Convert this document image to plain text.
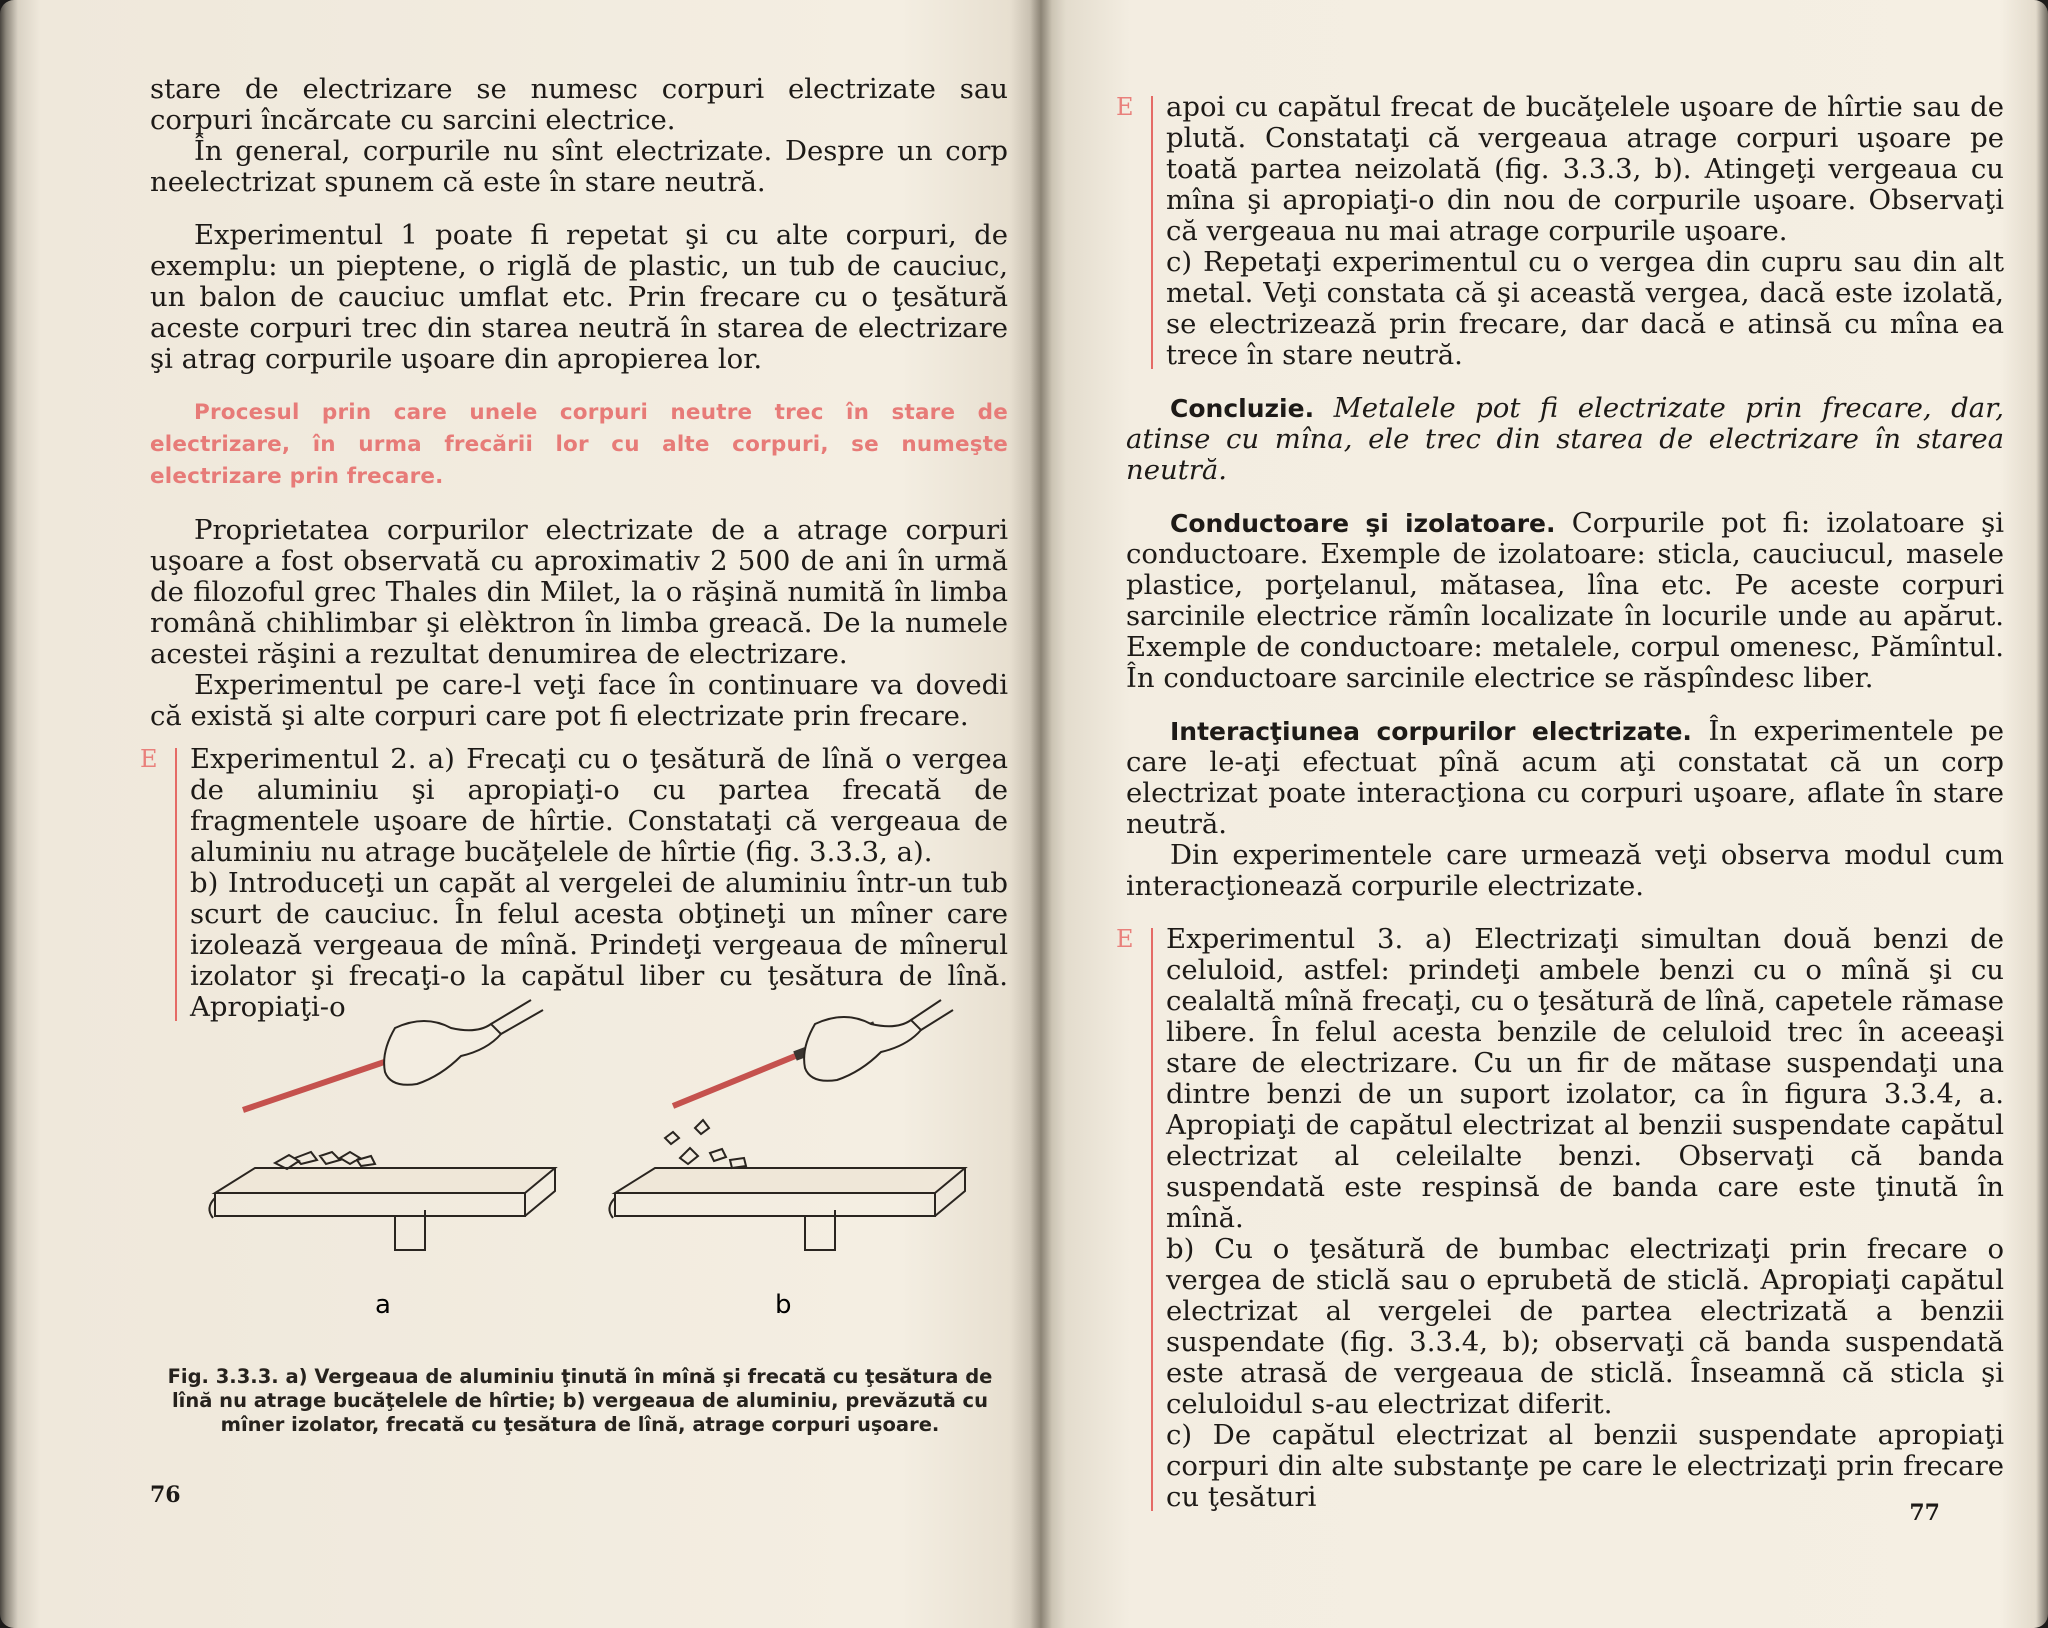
stare de electrizare se numesc corpuri electrizate sau corpuri încărcate cu sarcini electrice.

În general, corpurile nu sînt electrizate. Despre un corp neelectrizat spunem că este în stare neutră.

Experimentul 1 poate fi repetat şi cu alte corpuri, de exemplu: un pieptene, o riglă de plastic, un tub de cauciuc, un balon de cauciuc umflat etc. Prin frecare cu o ţesătură aceste corpuri trec din starea neutră în starea de electrizare şi atrag corpurile uşoare din apropierea lor.

Procesul prin care unele corpuri neutre trec în stare de electrizare, în urma frecării lor cu alte corpuri, se numeşte electrizare prin frecare.

Proprietatea corpurilor electrizate de a atrage corpuri uşoare a fost observată cu aproximativ 2 500 de ani în urmă de filozoful grec Thales din Milet, la o răşină numită în limba română chihlimbar şi elèktron în limba greacă. De la numele acestei răşini a rezultat denumirea de electrizare.

Experimentul pe care-l veţi face în continuare va dovedi că există şi alte corpuri care pot fi electrizate prin frecare.

E Experimentul 2. a) Frecaţi cu o ţesătură de lînă o vergea de aluminiu şi apropiaţi-o cu partea frecată de fragmentele uşoare de hîrtie. Constataţi că vergeaua de aluminiu nu atrage bucăţelele de hîrtie (fig. 3.3.3, a).

b) Introduceţi un capăt al vergelei de aluminiu într-un tub scurt de cauciuc. În felul acesta obţineţi un mîner care izolează vergeaua de mînă. Prindeţi vergeaua de mînerul izolator şi frecaţi-o la capătul liber cu ţesătura de lînă. Apropiaţi-o

a	b
Fig. 3.3.3. a) Vergeaua de aluminiu ţinută în mînă şi frecată cu ţesătura de lînă nu atrage bucăţelele de hîrtie; b) vergeaua de aluminiu, prevăzută cu mîner izolator, frecată cu ţesătura de lînă, atrage corpuri uşoare.
76
E apoi cu capătul frecat de bucăţelele uşoare de hîrtie sau de plută. Constataţi că vergeaua atrage corpuri uşoare pe toată partea neizolată (fig. 3.3.3, b). Atingeţi vergeaua cu mîna şi apropiaţi-o din nou de corpurile uşoare. Observaţi că vergeaua nu mai atrage corpurile uşoare.

c) Repetaţi experimentul cu o vergea din cupru sau din alt metal. Veţi constata că şi această vergea, dacă este izolată, se electrizează prin frecare, dar dacă e atinsă cu mîna ea trece în stare neutră.

Concluzie. Metalele pot fi electrizate prin frecare, dar, atinse cu mîna, ele trec din starea de electrizare în starea neutră.

Conductoare şi izolatoare. Corpurile pot fi: izolatoare şi conductoare. Exemple de izolatoare: sticla, cauciucul, masele plastice, porţelanul, mătasea, lîna etc. Pe aceste corpuri sarcinile electrice rămîn localizate în locurile unde au apărut. Exemple de conductoare: metalele, corpul omenesc, Pămîntul. În conductoare sarcinile electrice se răspîndesc liber.

Interacţiunea corpurilor electrizate. În experimentele pe care le-aţi efectuat pînă acum aţi constatat că un corp electrizat poate interacţiona cu corpuri uşoare, aflate în stare neutră.

Din experimentele care urmează veţi observa modul cum interacţionează corpurile electrizate.

E Experimentul 3. a) Electrizaţi simultan două benzi de celuloid, astfel: prindeţi ambele benzi cu o mînă şi cu cealaltă mînă frecaţi, cu o ţesătură de lînă, capetele rămase libere. În felul acesta benzile de celuloid trec în aceeaşi stare de electrizare. Cu un fir de mătase suspendaţi una dintre benzi de un suport izolator, ca în figura 3.3.4, a. Apropiaţi de capătul electrizat al benzii suspendate capătul electrizat al celeilalte benzi. Observaţi că banda suspendată este respinsă de banda care este ţinută în mînă.

b) Cu o ţesătură de bumbac electrizaţi prin frecare o vergea de sticlă sau o eprubetă de sticlă. Apropiaţi capătul electrizat al vergelei de partea electrizată a benzii suspendate (fig. 3.3.4, b); observaţi că banda suspendată este atrasă de vergeaua de sticlă. Înseamnă că sticla şi celuloidul s-au electrizat diferit.

c) De capătul electrizat al benzii suspendate apropiaţi corpuri din alte substanţe pe care le electrizaţi prin frecare cu ţesături	77
